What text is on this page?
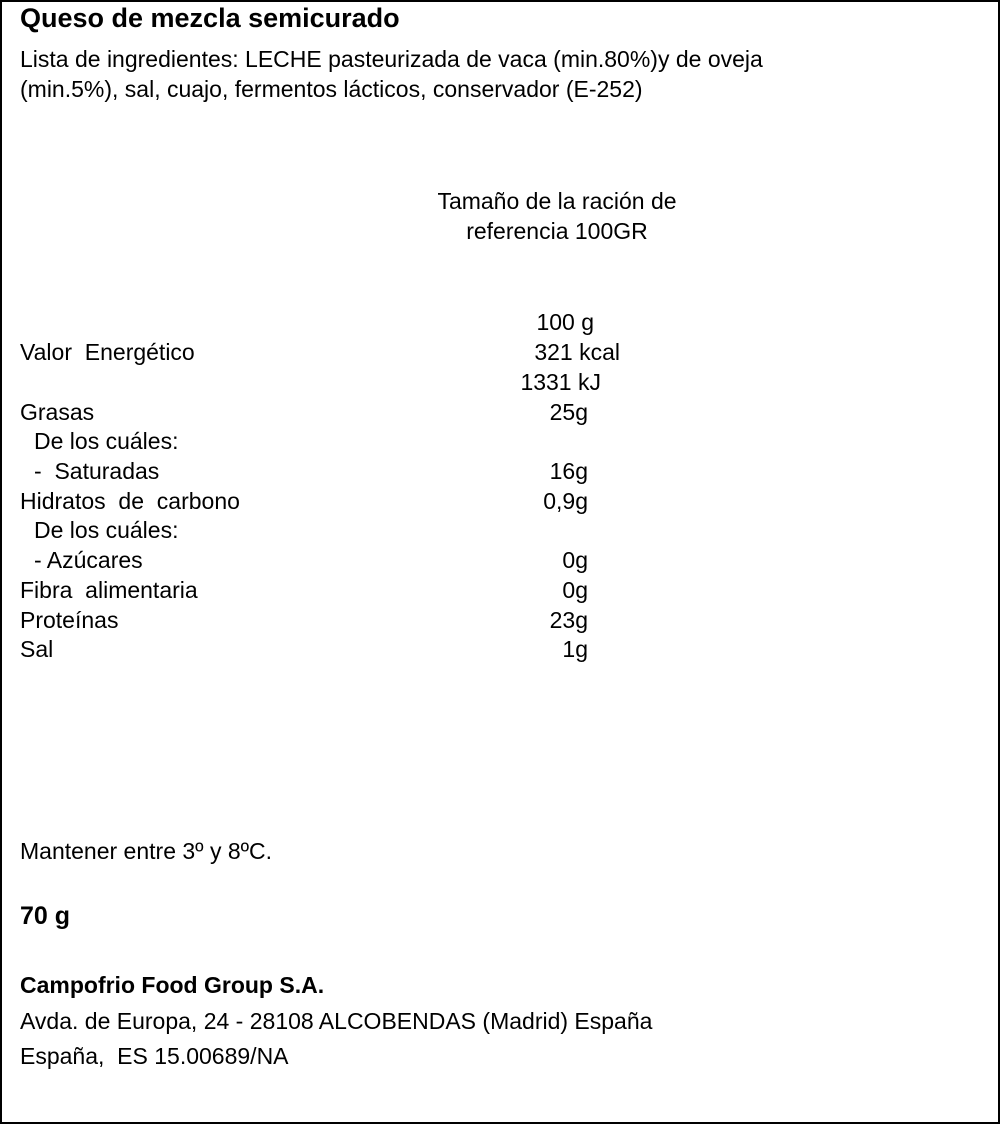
Queso de mezcla semicurado
Lista de ingredientes: LECHE pasteurizada de vaca (min.80%)y de oveja
(min.5%), sal, cuajo, fermentos lácticos, conservador (E-252)
Tamaño de la ración de
referencia 100GR
100 g
Valor  Energético	321 kcal
1331 kJ
Grasas	25g
De los cuáles:
-  Saturadas	16g
Hidratos  de  carbono	0,9g
De los cuáles:
- Azúcares	0g
Fibra  alimentaria	0g
Proteínas	23g
Sal	1g
Mantener entre 3º y 8ºC.
70 g
Campofrio Food Group S.A.
Avda. de Europa, 24 - 28108 ALCOBENDAS (Madrid) España
España,  ES 15.00689/NA
